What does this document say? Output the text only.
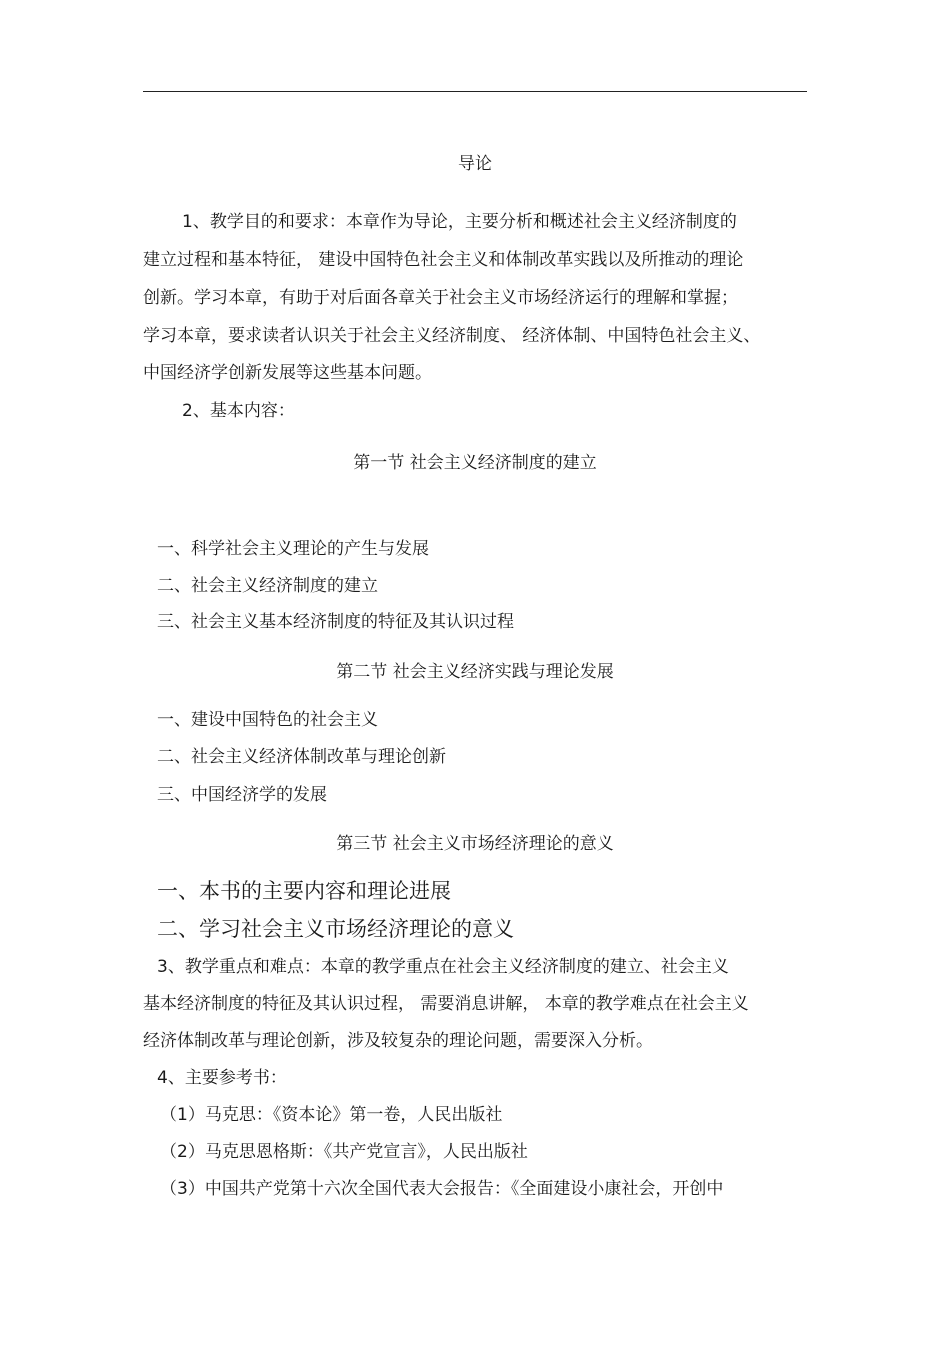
导论
1、教学目的和要求：本章作为导论，主要分析和概述社会主义经济制度的
建立过程和基本特征， 建设中国特色社会主义和体制改革实践以及所推动的理论
创新。学习本章，有助于对后面各章关于社会主义市场经济运行的理解和掌握；
学习本章，要求读者认识关于社会主义经济制度、 经济体制、中国特色社会主义、
中国经济学创新发展等这些基本问题。
2、基本内容：
第一节 社会主义经济制度的建立
一、科学社会主义理论的产生与发展
二、社会主义经济制度的建立
三、社会主义基本经济制度的特征及其认识过程
第二节 社会主义经济实践与理论发展
一、建设中国特色的社会主义
二、社会主义经济体制改革与理论创新
三、中国经济学的发展
第三节 社会主义市场经济理论的意义
一、本书的主要内容和理论进展
二、学习社会主义市场经济理论的意义
3、教学重点和难点：本章的教学重点在社会主义经济制度的建立、社会主义
基本经济制度的特征及其认识过程， 需要消息讲解， 本章的教学难点在社会主义
经济体制改革与理论创新，涉及较复杂的理论问题，需要深入分析。
4、主要参考书：
（1）马克思：《资本论》第一卷，人民出版社
（2）马克思恩格斯：《共产党宣言》，人民出版社
（3）中国共产党第十六次全国代表大会报告：《全面建设小康社会，开创中
